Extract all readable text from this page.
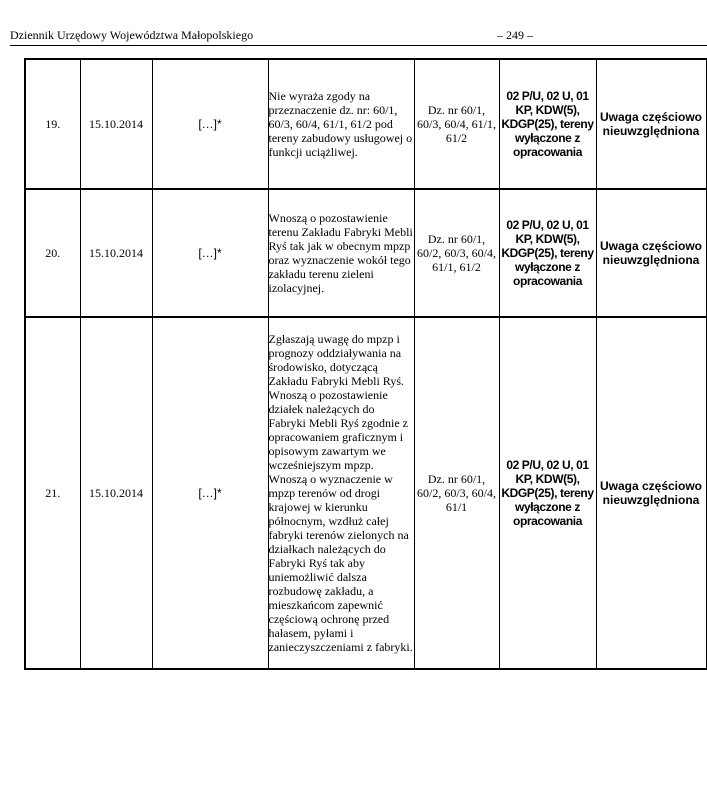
Dziennik Urzędowy Województwa Małopolskiego	– 249 –
19.	15.10.2014	[…]*	Nie wyraża zgody na przeznaczenie dz. nr: 60/1, 60/3, 60/4, 61/1, 61/2 pod tereny zabudowy usługowej o funkcji uciążliwej.	Dz. nr 60/1, 60/3, 60/4, 61/1, 61/2	02 P/U, 02 U, 01 KP, KDW(5), KDGP(25), tereny wyłączone z opracowania	Uwaga częściowo nieuwzględniona	
20.	15.10.2014	[…]*	Wnoszą o pozostawienie terenu Zakładu Fabryki Mebli Ryś tak jak w obecnym mpzp oraz wyznaczenie wokół tego zakładu terenu zieleni izolacyjnej.	Dz. nr 60/1, 60/2, 60/3, 60/4, 61/1, 61/2	02 P/U, 02 U, 01 KP, KDW(5), KDGP(25), tereny wyłączone z opracowania	Uwaga częściowo nieuwzględniona	
21.	15.10.2014	[…]*	Zgłaszają uwagę do mpzp i prognozy oddziaływania na środowisko, dotyczącą Zakładu Fabryki Mebli Ryś. Wnoszą o pozostawienie działek należących do Fabryki Mebli Ryś zgodnie z opracowaniem graficznym i opisowym zawartym we wcześniejszym mpzp. Wnoszą o wyznaczenie w mpzp terenów od drogi krajowej w kierunku północnym, wzdłuż całej fabryki terenów zielonych na działkach należących do Fabryki Ryś tak aby uniemożliwić dalsza rozbudowę zakładu, a mieszkańcom zapewnić częściową ochronę przed hałasem, pyłami i zanieczyszczeniami z fabryki.	Dz. nr 60/1, 60/2, 60/3, 60/4, 61/1	02 P/U, 02 U, 01 KP, KDW(5), KDGP(25), tereny wyłączone z opracowania	Uwaga częściowo nieuwzględniona	
